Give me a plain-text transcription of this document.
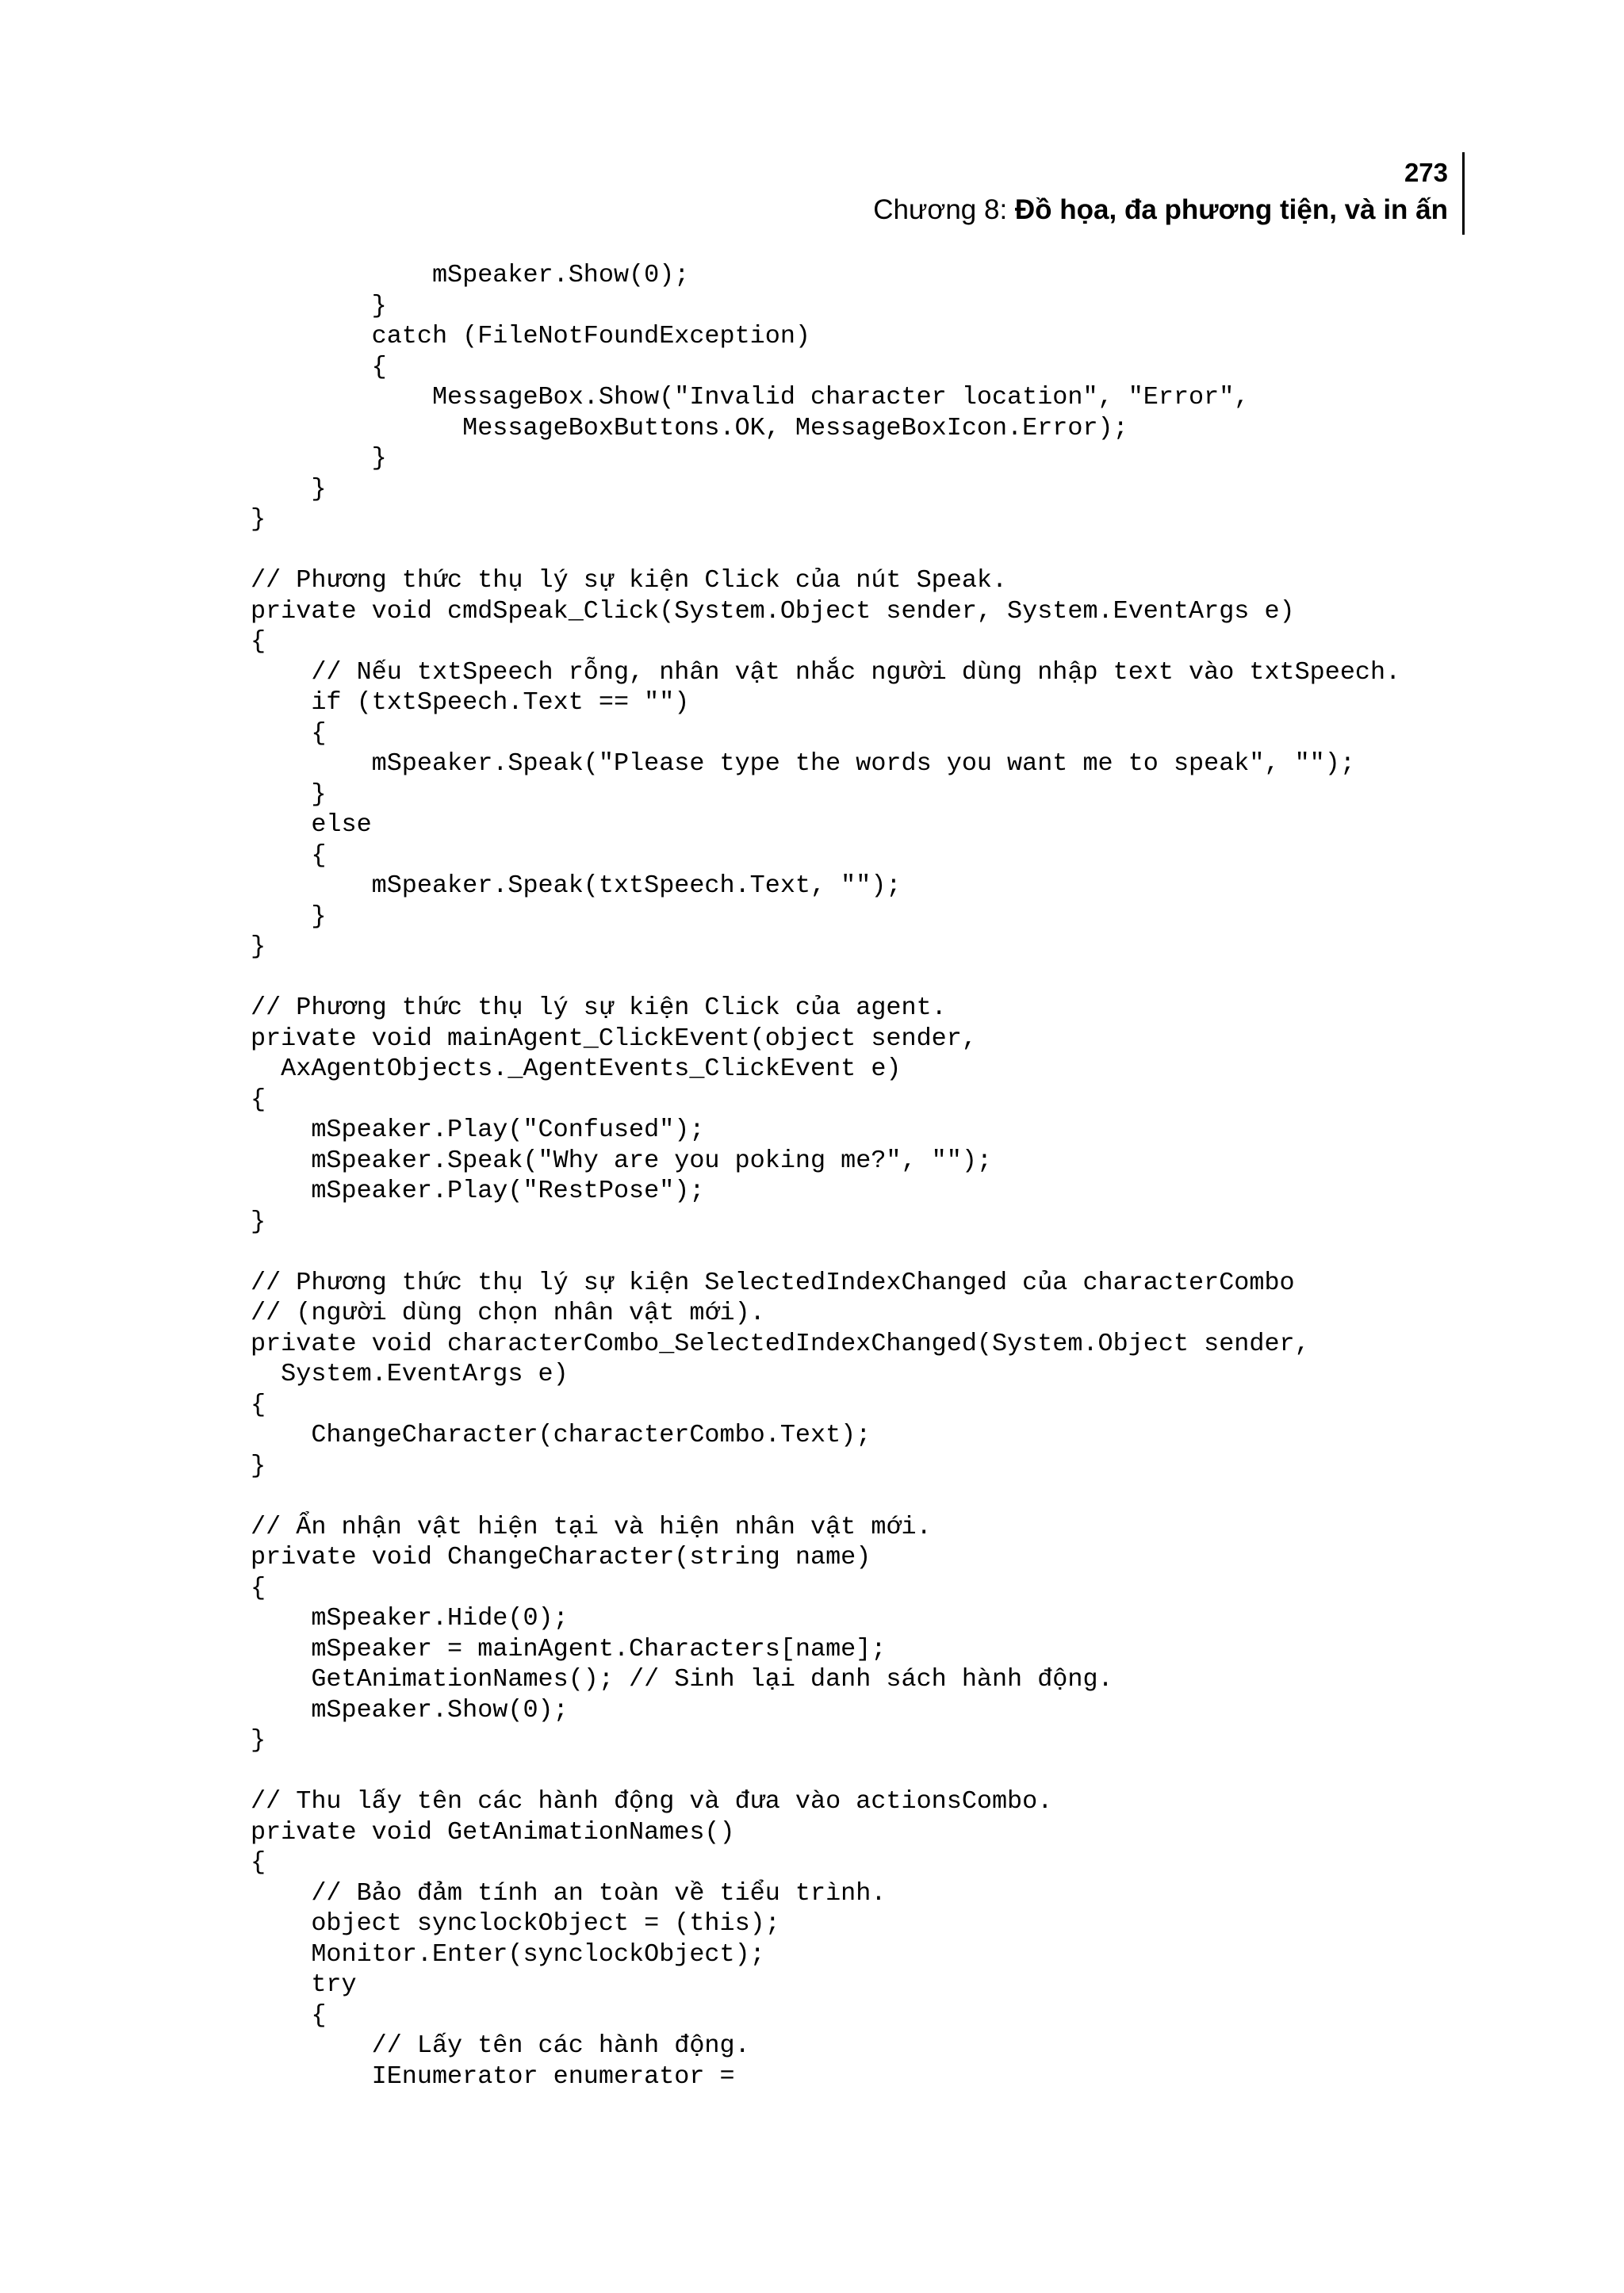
273
Chương 8: Đồ họa, đa phương tiện, và in ấn
mSpeaker.Show(0);
}
catch (FileNotFoundException)
{
MessageBox.Show("Invalid character location", "Error",
MessageBoxButtons.OK, MessageBoxIcon.Error);
}
}
}
// Phương thức thụ lý sự kiện Click của nút Speak.
private void cmdSpeak_Click(System.Object sender, System.EventArgs e)
{
// Nếu txtSpeech rỗng, nhân vật nhắc người dùng nhập text vào txtSpeech.
if (txtSpeech.Text == "")
{
mSpeaker.Speak("Please type the words you want me to speak", "");
}
else
{
mSpeaker.Speak(txtSpeech.Text, "");
}
}
// Phương thức thụ lý sự kiện Click của agent.
private void mainAgent_ClickEvent(object sender,
AxAgentObjects._AgentEvents_ClickEvent e)
{
mSpeaker.Play("Confused");
mSpeaker.Speak("Why are you poking me?", "");
mSpeaker.Play("RestPose");
}
// Phương thức thụ lý sự kiện SelectedIndexChanged của characterCombo
// (người dùng chọn nhân vật mới).
private void characterCombo_SelectedIndexChanged(System.Object sender,
System.EventArgs e)
{
ChangeCharacter(characterCombo.Text);
}
// Ẩn nhận vật hiện tại và hiện nhân vật mới.
private void ChangeCharacter(string name)
{
mSpeaker.Hide(0);
mSpeaker = mainAgent.Characters[name];
GetAnimationNames(); // Sinh lại danh sách hành động.
mSpeaker.Show(0);
}
// Thu lấy tên các hành động và đưa vào actionsCombo.
private void GetAnimationNames()
{
// Bảo đảm tính an toàn về tiểu trình.
object synclockObject = (this);
Monitor.Enter(synclockObject);
try
{
// Lấy tên các hành động.
IEnumerator enumerator =
